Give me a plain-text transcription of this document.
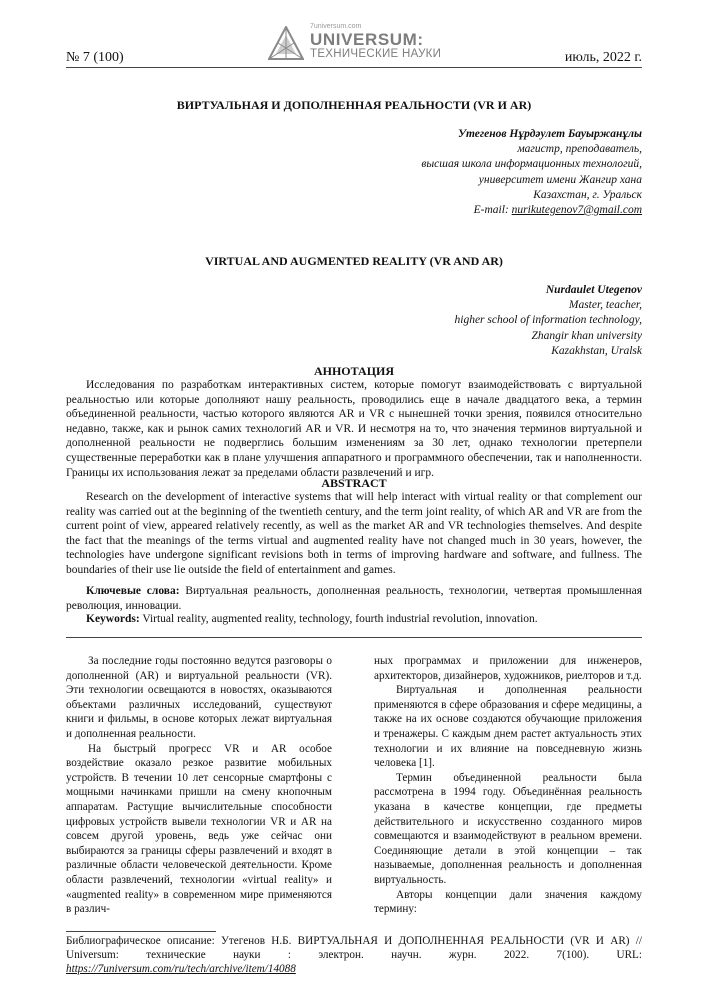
№ 7 (100)	июль, 2022 г.
7universum.com
UNIVERSUM:
ТЕХНИЧЕСКИЕ НАУКИ
ВИРТУАЛЬНАЯ И ДОПОЛНЕННАЯ РЕАЛЬНОСТИ (VR И AR)
Утегенов Нұрдәулет Бауыржанұлы
магистр, преподаватель,
высшая школа информационных технологий,
университет имени Жангир хана
Казахстан, г. Уральск
E-mail: nurikutegenov7@gmail.com
VIRTUAL AND AUGMENTED REALITY (VR AND AR)
Nurdaulet Utegenov
Master, teacher,
higher school of information technology,
Zhangir khan university
Kazakhstan, Uralsk
АННОТАЦИЯ
Исследования по разработкам интерактивных систем, которые помогут взаимодействовать с виртуальной реальностью или которые дополняют нашу реальность, проводились еще в начале двадцатого века, а термин объединенной реальности, частью которого являются AR и VR с нынешней точки зрения, появился относительно недавно, также, как и рынок самих технологий AR и VR. И несмотря на то, что значения терминов виртуальной и дополненной реальности не подверглись большим изменениям за 30 лет, однако технологии претерпели существенные переработки как в плане улучшения аппаратного и программного обеспечении, так и наполненности. Границы их использования лежат за пределами области развлечений и игр.
ABSTRACT
Research on the development of interactive systems that will help interact with virtual reality or that complement our reality was carried out at the beginning of the twentieth century, and the term joint reality, of which AR and VR are from the current point of view, appeared relatively recently, as well as the market AR and VR technologies themselves. And despite the fact that the meanings of the terms virtual and augmented reality have not changed much in 30 years, however, the technologies have undergone significant revisions both in terms of improving hardware and software, and fullness. The boundaries of their use lie outside the field of entertainment and games.
Ключевые слова: Виртуальная реальность, дополненная реальность, технологии, четвертая промышленная революция, инновации.
Keywords: Virtual reality, augmented reality, technology, fourth industrial revolution, innovation.

За последние годы постоянно ведутся разговоры о дополненной (AR) и виртуальной реальности (VR). Эти технологии освещаются в новостях, оказываются объектами различных исследований, существуют книги и фильмы, в основе которых лежат виртуальная и дополненная реальности.

На быстрый прогресс VR и AR особое воздействие оказало резкое развитие мобильных устройств. В течении 10 лет сенсорные смартфоны с мощными начинками пришли на смену кнопочным аппаратам. Растущие вычислительные способности цифровых устройств вывели технологии VR и AR на совсем другой уровень, ведь уже сейчас они выбираются за границы сферы развлечений и входят в различные области человеческой деятельности. Кроме области развлечений, технологии «virtual reality» и «augmented reality» в современном мире применяются в различ-

ных программах и приложении для инженеров, архитекторов, дизайнеров, художников, риелторов и т.д.

Виртуальная и дополненная реальности применяются в сфере образования и сфере медицины, а также на их основе создаются обучающие приложения и тренажеры. С каждым днем растет актуальность этих технологии и их влияние на повседневную жизнь человека [1].

Термин объединенной реальности была рассмотрена в 1994 году. Объединённая реальность указана в качестве концепции, где предметы действительного и искусственно созданного миров совмещаются и взаимодействуют в реальном времени. Соединяющие детали в этой концепции – так называемые, дополненная реальность и дополненная виртуальность.

Авторы концепции дали значения каждому термину:

Библиографическое описание: Утегенов Н.Б. ВИРТУАЛЬНАЯ И ДОПОЛНЕННАЯ РЕАЛЬНОСТИ (VR И AR) // Universum: технические науки : электрон. научн. журн. 2022. 7(100). URL: https://7universum.com/ru/tech/archive/item/14088
